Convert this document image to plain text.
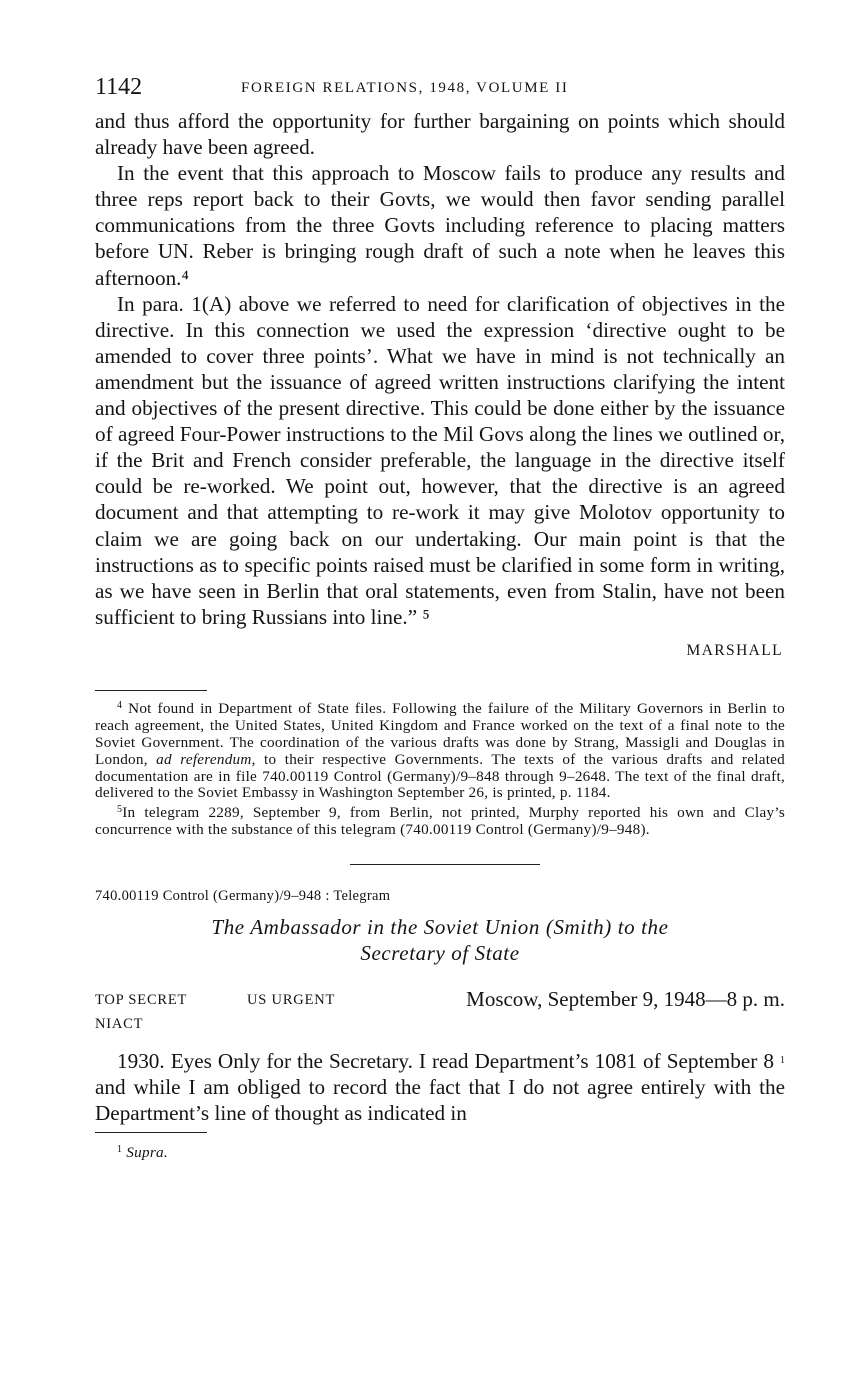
1142	FOREIGN RELATIONS, 1948, VOLUME II

and thus afford the opportunity for further bargaining on points which should already have been agreed.

In the event that this approach to Moscow fails to produce any results and three reps report back to their Govts, we would then favor sending parallel communications from the three Govts including reference to placing matters before UN. Reber is bringing rough draft of such a note when he leaves this afternoon.⁴

In para. 1(A) above we referred to need for clarification of objectives in the directive. In this connection we used the expression ‘directive ought to be amended to cover three points’. What we have in mind is not technically an amendment but the issuance of agreed written instructions clarifying the intent and objectives of the present directive. This could be done either by the issuance of agreed Four-Power instructions to the Mil Govs along the lines we outlined or, if the Brit and French consider preferable, the language in the directive itself could be re-worked. We point out, however, that the directive is an agreed document and that attempting to re-work it may give Molotov opportunity to claim we are going back on our undertaking. Our main point is that the instructions as to specific points raised must be clarified in some form in writing, as we have seen in Berlin that oral statements, even from Stalin, have not been sufficient to bring Russians into line.” ⁵

MARSHALL

$^4$ Not found in Department of State files. Following the failure of the Military Governors in Berlin to reach agreement, the United States, United Kingdom and France worked on the text of a final note to the Soviet Government. The coordination of the various drafts was done by Strang, Massigli and Douglas in London, ad referendum, to their respective Governments. The texts of the various drafts and related documentation are in file 740.00119 Control (Germany)/9–848 through 9–2648. The text of the final draft, delivered to the Soviet Embassy in Washington September 26, is printed, p. 1184.

$^5$In telegram 2289, September 9, from Berlin, not printed, Murphy reported his own and Clay’s concurrence with the substance of this telegram (740.00119 Control (Germany)/9–948).

740.00119 Control (Germany)/9–948 : Telegram
The Ambassador in the Soviet Union (Smith) to the
Secretary of State
TOP SECRET	US URGENT	Moscow, September 9, 1948—8 p. m.
NIACT

1930. Eyes Only for the Secretary. I read Department’s 1081 of September 8 $^1$ and while I am obliged to record the fact that I do not agree entirely with the Department’s line of thought as indicated in

$^1$ Supra.
